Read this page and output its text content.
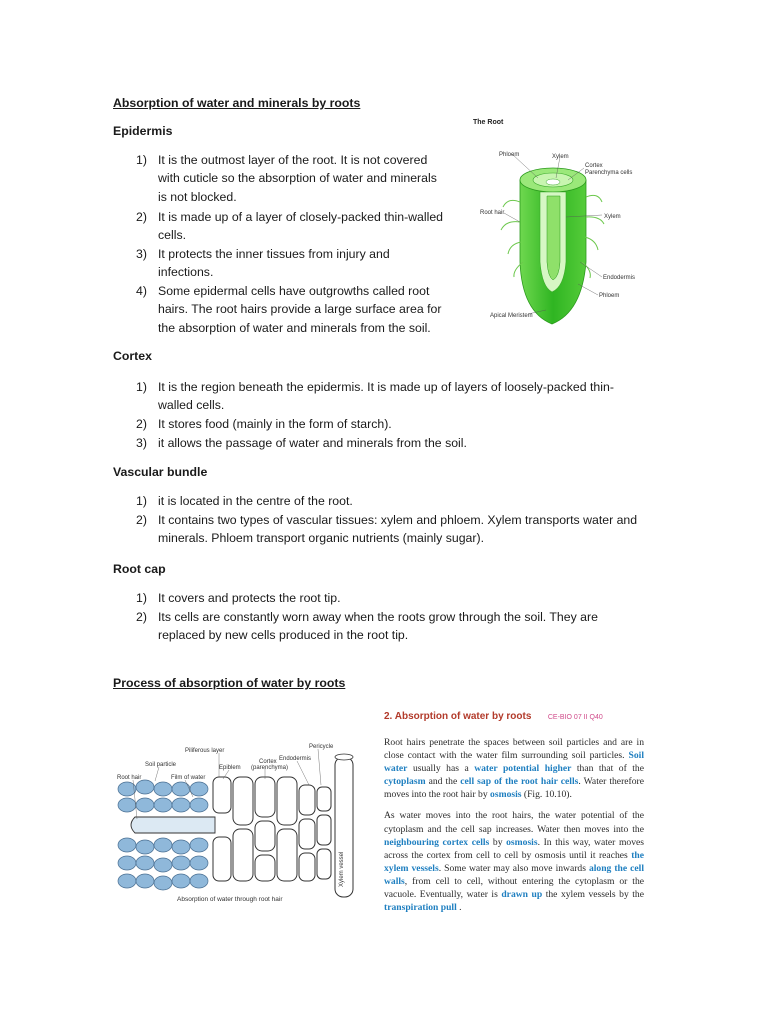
Absorption of water and minerals by roots
Epidermis
1) It is the outmost layer of the root. It is not covered
with cuticle so the absorption of water and minerals
is not blocked.
2) It is made up of a layer of closely-packed thin-walled
cells.
3) It protects the inner tissues from injury and
infections.
4) Some epidermal cells have outgrowths called root
hairs. The root hairs provide a large surface area for
the absorption of water and minerals from the soil.
Cortex
1) It is the region beneath the epidermis. It is made up of layers of loosely-packed thin-
walled cells.
2) It stores food (mainly in the form of starch).
3) it allows the passage of water and minerals from the soil.
Vascular bundle
1) it is located in the centre of the root.
2) It contains two types of vascular tissues: xylem and phloem. Xylem transports water and
minerals. Phloem transport organic nutrients (mainly sugar).
Root cap
1) It covers and protects the root tip.
2) Its cells are constantly worn away when the roots grow through the soil. They are
replaced by new cells produced in the root tip.
Process of absorption of water by roots
The Root
Phloem	Xylem
Cortex
Parenchyma cells
Root hair
Xylem
Endodermis
Phloem
Apical Meristem
Xylem vessel
Piliferous layer
Pericycle
Endodermis
Soil particle	Epiblem
Cortex
(parenchyma)
Root hair	Film of water
Absorption of water through root hair
2. Absorption of water by roots CE-BIO 07 II Q40

Root hairs penetrate the spaces between soil particles and are in close contact with the water film surrounding soil particles. Soil water usually has a water potential higher than that of the cytoplasm and the cell sap of the root hair cells. Water therefore moves into the root hair by osmosis (Fig. 10.10).

As water moves into the root hairs, the water potential of the cytoplasm and the cell sap increases. Water then moves into the neighbouring cortex cells by osmosis. In this way, water moves across the cortex from cell to cell by osmosis until it reaches the xylem vessels. Some water may also move inwards along the cell walls, from cell to cell, without entering the cytoplasm or the vacuole. Eventually, water is drawn up the xylem vessels by the transpiration pull .
